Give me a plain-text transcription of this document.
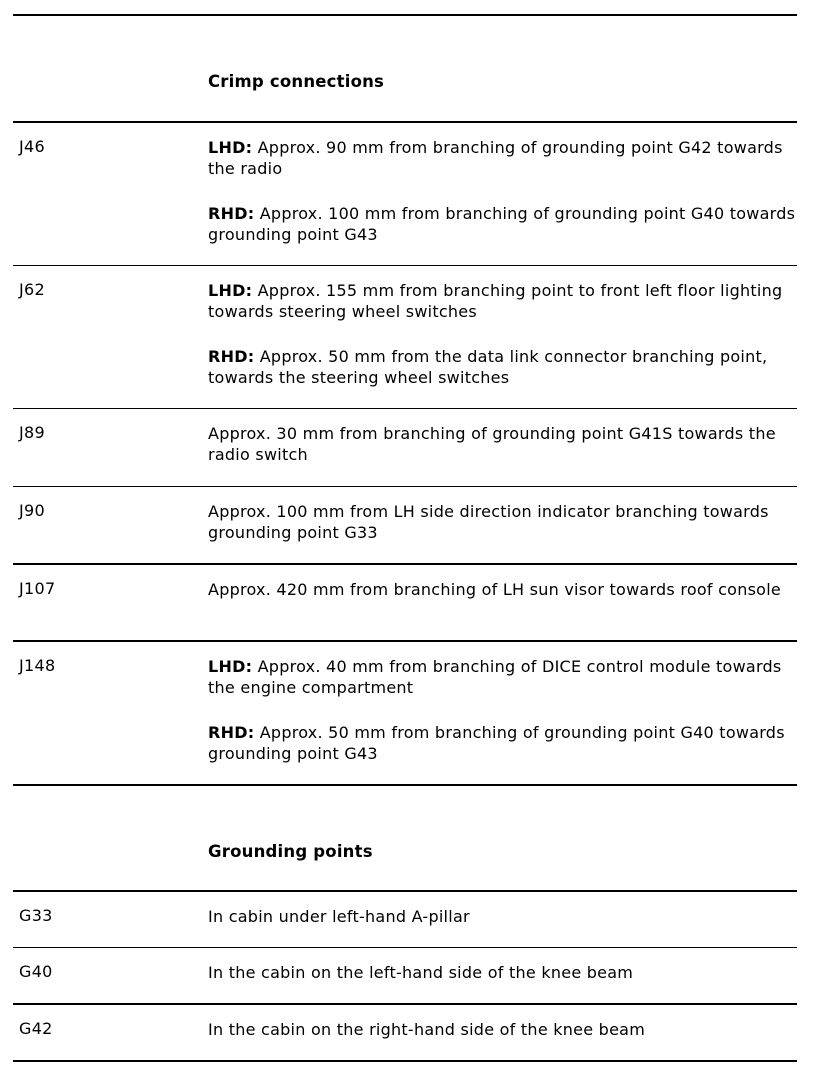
Crimp connections
J46	LHD: Approx. 90 mm from branching of grounding point G42 towards the radio

RHD: Approx. 100 mm from branching of grounding point G40 towards grounding point G43

J62	LHD: Approx. 155 mm from branching point to front left floor lighting towards steering wheel switches

RHD: Approx. 50 mm from the data link connector branching point, towards the steering wheel switches

J89	Approx. 30 mm from branching of grounding point G41S towards the radio switch

J90	Approx. 100 mm from LH side direction indicator branching towards grounding point G33

J107	Approx. 420 mm from branching of LH sun visor towards roof console

J148	LHD: Approx. 40 mm from branching of DICE control module towards the engine compartment

RHD: Approx. 50 mm from branching of grounding point G40 towards grounding point G43

Grounding points
G33	In cabin under left-hand A-pillar

G40	In the cabin on the left-hand side of the knee beam

G42	In the cabin on the right-hand side of the knee beam
